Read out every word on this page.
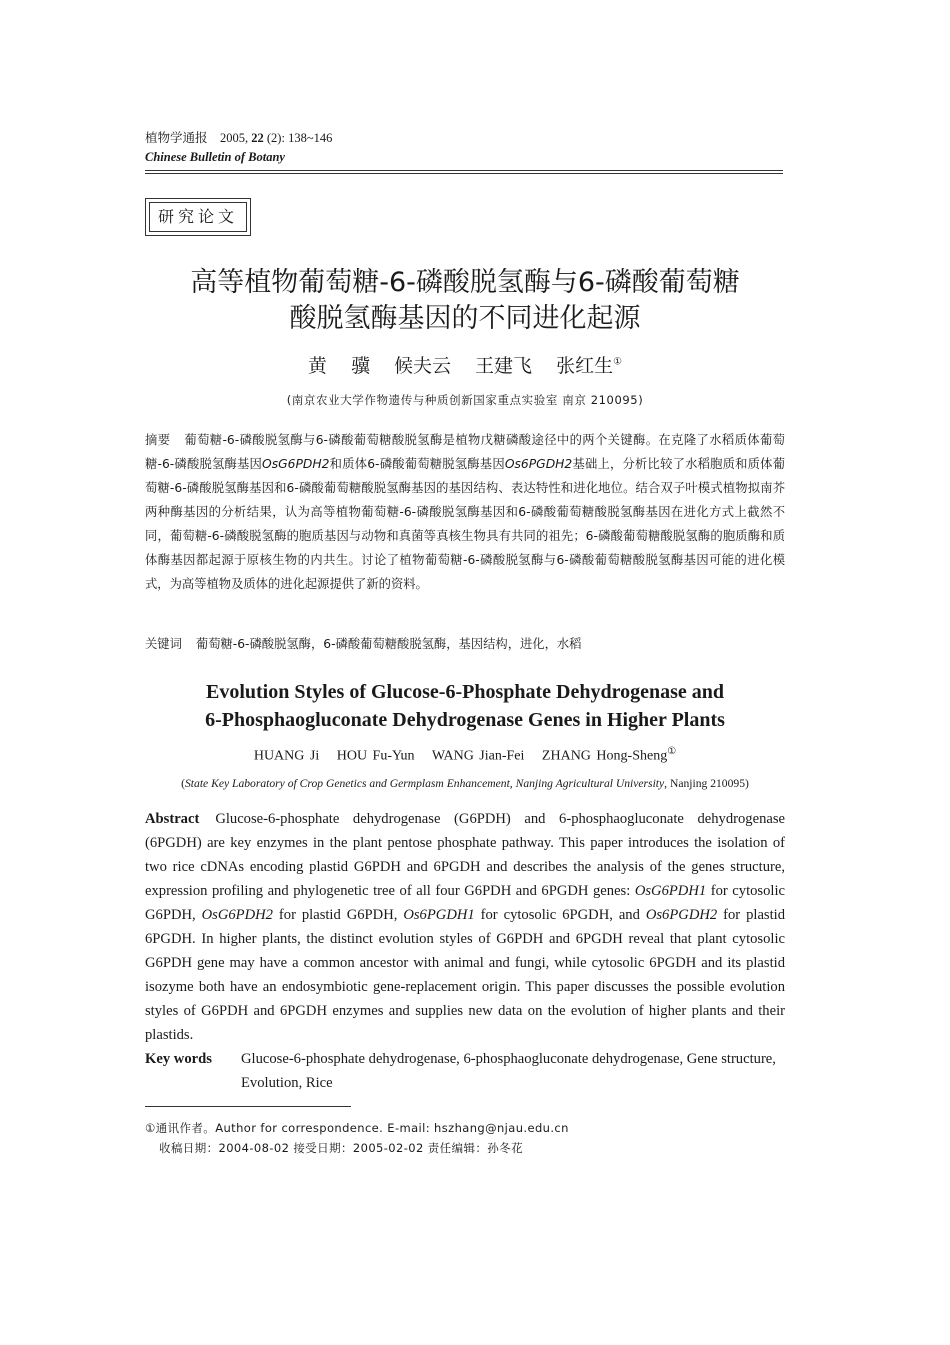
植物学通报 2005, 22 (2): 138~146
Chinese Bulletin of Botany
研究论文
高等植物葡萄糖-6-磷酸脱氢酶与6-磷酸葡萄糖
酸脱氢酶基因的不同进化起源
黄 骥 候夫云 王建飞 张红生①
(南京农业大学作物遗传与种质创新国家重点实验室 南京 210095)
摘要 葡萄糖-6-磷酸脱氢酶与6-磷酸葡萄糖酸脱氢酶是植物戊糖磷酸途径中的两个关键酶。在克隆了水稻质体葡萄糖-6-磷酸脱氢酶基因OsG6PDH2和质体6-磷酸葡萄糖脱氢酶基因Os6PGDH2基础上，分析比较了水稻胞质和质体葡萄糖-6-磷酸脱氢酶基因和6-磷酸葡萄糖酸脱氢酶基因的基因结构、表达特性和进化地位。结合双子叶模式植物拟南芥两种酶基因的分析结果，认为高等植物葡萄糖-6-磷酸脱氢酶基因和6-磷酸葡萄糖酸脱氢酶基因在进化方式上截然不同，葡萄糖-6-磷酸脱氢酶的胞质基因与动物和真菌等真核生物具有共同的祖先；6-磷酸葡萄糖酸脱氢酶的胞质酶和质体酶基因都起源于原核生物的内共生。讨论了植物葡萄糖-6-磷酸脱氢酶与6-磷酸葡萄糖酸脱氢酶基因可能的进化模式，为高等植物及质体的进化起源提供了新的资料。
关键词 葡萄糖-6-磷酸脱氢酶，6-磷酸葡萄糖酸脱氢酶，基因结构，进化，水稻
Evolution Styles of Glucose-6-Phosphate Dehydrogenase and
6-Phosphaogluconate Dehydrogenase Genes in Higher Plants
HUANG Ji HOU Fu-Yun WANG Jian-Fei ZHANG Hong-Sheng①
(State Key Laboratory of Crop Genetics and Germplasm Enhancement, Nanjing Agricultural University, Nanjing 210095)
Abstract Glucose-6-phosphate dehydrogenase (G6PDH) and 6-phosphaogluconate dehydrogenase (6PGDH) are key enzymes in the plant pentose phosphate pathway. This paper introduces the isolation of two rice cDNAs encoding plastid G6PDH and 6PGDH and describes the analysis of the genes structure, expression profiling and phylogenetic tree of all four G6PDH and 6PGDH genes: OsG6PDH1 for cytosolic G6PDH, OsG6PDH2 for plastid G6PDH, Os6PGDH1 for cytosolic 6PGDH, and Os6PGDH2 for plastid 6PGDH. In higher plants, the distinct evolution styles of G6PDH and 6PGDH reveal that plant cytosolic G6PDH gene may have a common ancestor with animal and fungi, while cytosolic 6PGDH and its plastid isozyme both have an endosymbiotic gene-replacement origin. This paper discusses the possible evolution styles of G6PDH and 6PGDH enzymes and supplies new data on the evolution of higher plants and their plastids.
Key words	Glucose-6-phosphate dehydrogenase, 6-phosphaogluconate dehydrogenase, Gene structure, Evolution, Rice
①通讯作者。Author for correspondence. E-mail: hszhang@njau.edu.cn
收稿日期：2004-08-02 接受日期：2005-02-02 责任编辑：孙冬花
